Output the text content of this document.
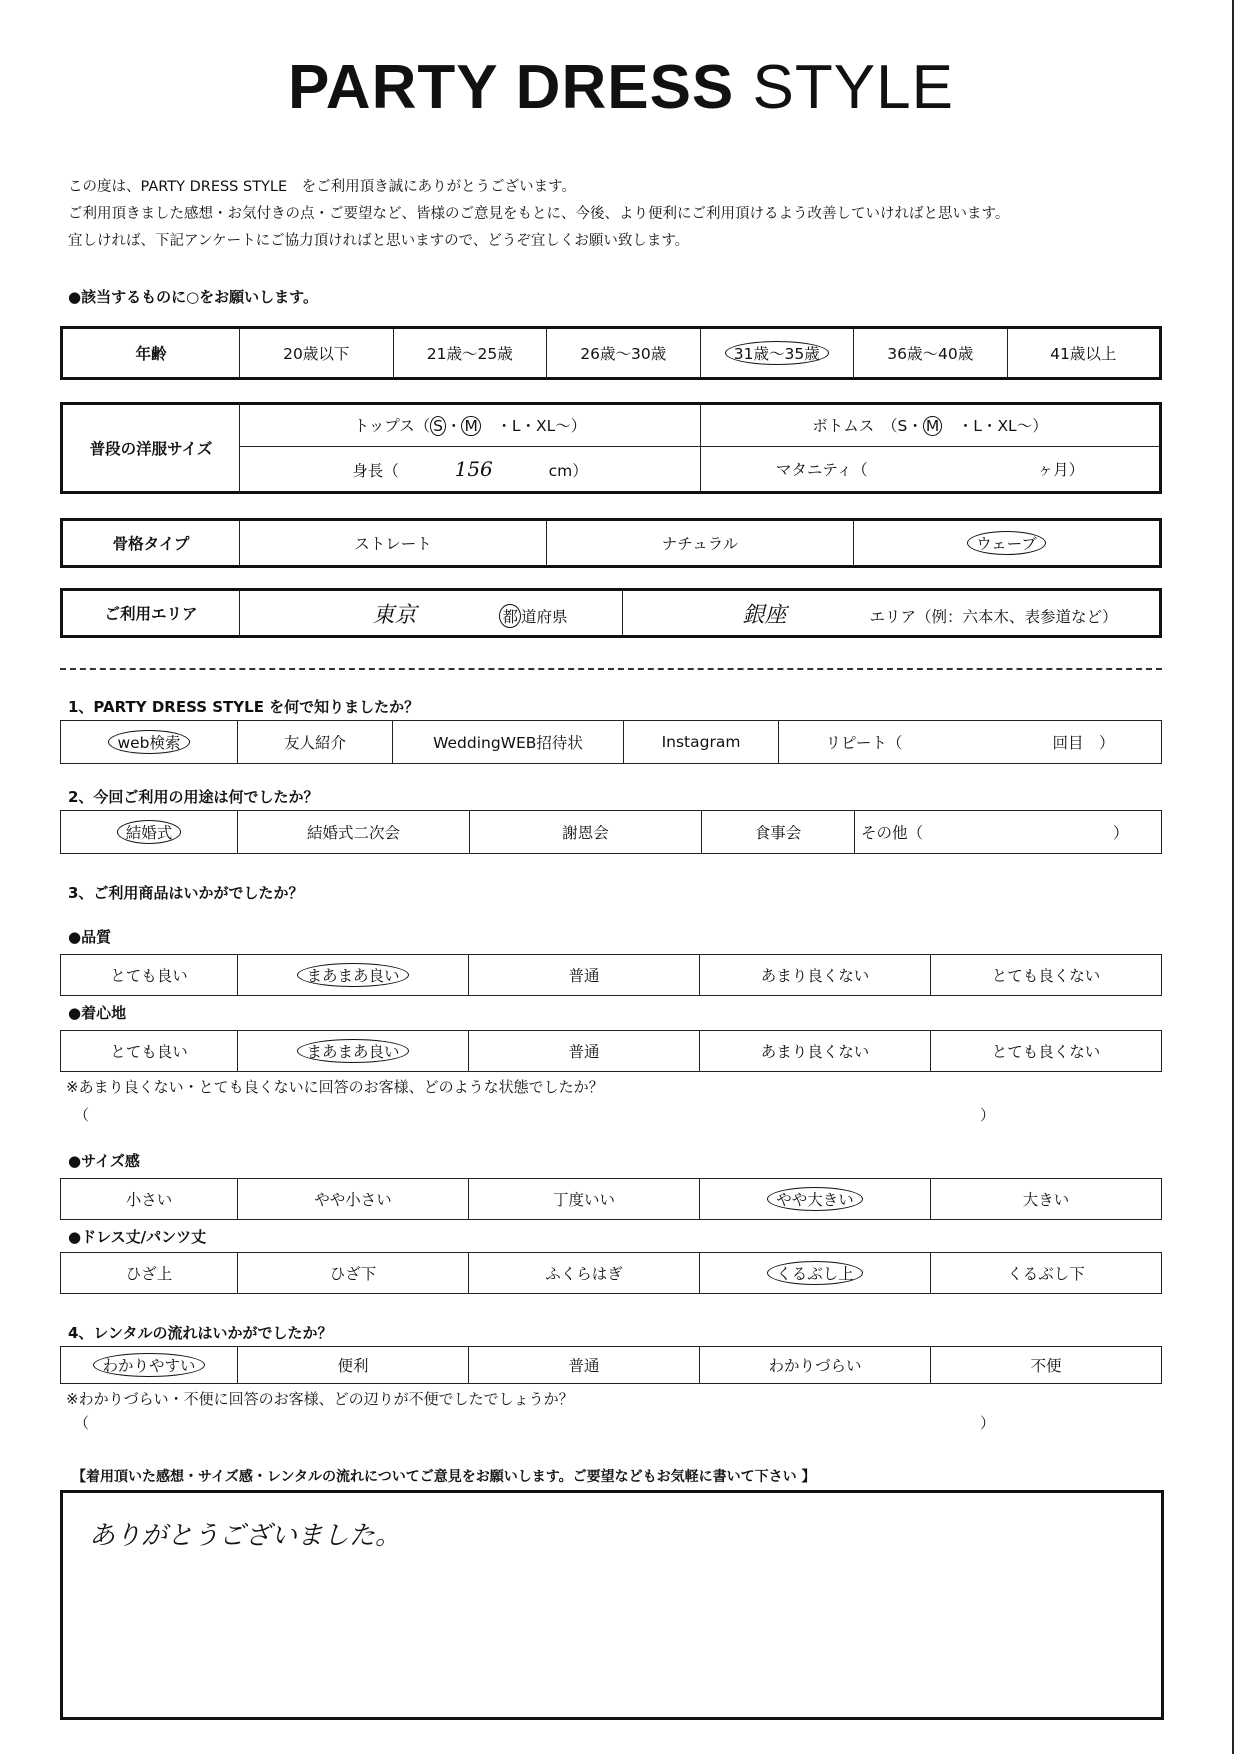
PARTY DRESS STYLE
この度は、PARTY DRESS STYLE　をご利用頂き誠にありがとうございます。
ご利用頂きました感想・お気付きの点・ご要望など、皆様のご意見をもとに、今後、より便利にご利用頂けるよう改善していければと思います。
宜しければ、下記アンケートにご協力頂ければと思いますので、どうぞ宜しくお願い致します。
●該当するものに○をお願いします。
年齢	20歳以下	21歳～25歳	26歳～30歳	31歳～35歳	36歳～40歳	41歳以上
普段の洋服サイズ	トップス（ S ・ M　・L・XL～）	ボトムス　（S・ M　・L・XL～）
	身長（ 156 cm）	マタニティ（ ヶ月）
骨格タイプ	ストレート	ナチュラル	ウェーブ
ご利用エリア	東京	都 道府県	銀座	エリア（例：六本木、表参道など）
1、PARTY DRESS STYLE を何で知りましたか？
web検索	友人紹介	WeddingWEB招待状	Instagram	リピート（	回目　）
2、今回ご利用の用途は何でしたか？
結婚式	結婚式二次会	謝恩会	食事会	その他（	）
3、ご利用商品はいかがでしたか？
●品質
とても良い	まあまあ良い	普通	あまり良くない	とても良くない
●着心地
とても良い	まあまあ良い	普通	あまり良くない	とても良くない
※あまり良くない・とても良くないに回答のお客様、どのような状態でしたか？
（	）
●サイズ感
小さい	やや小さい	丁度いい	やや大きい	大きい
●ドレス丈/パンツ丈
ひざ上	ひざ下	ふくらはぎ	くるぶし上	くるぶし下
4、レンタルの流れはいかがでしたか？
わかりやすい	便利	普通	わかりづらい	不便
※わかりづらい・不便に回答のお客様、どの辺りが不便でしたでしょうか？
（	）
【着用頂いた感想・サイズ感・レンタルの流れについてご意見をお願いします。ご要望などもお気軽に書いて下さい 】
ありがとうございました。
